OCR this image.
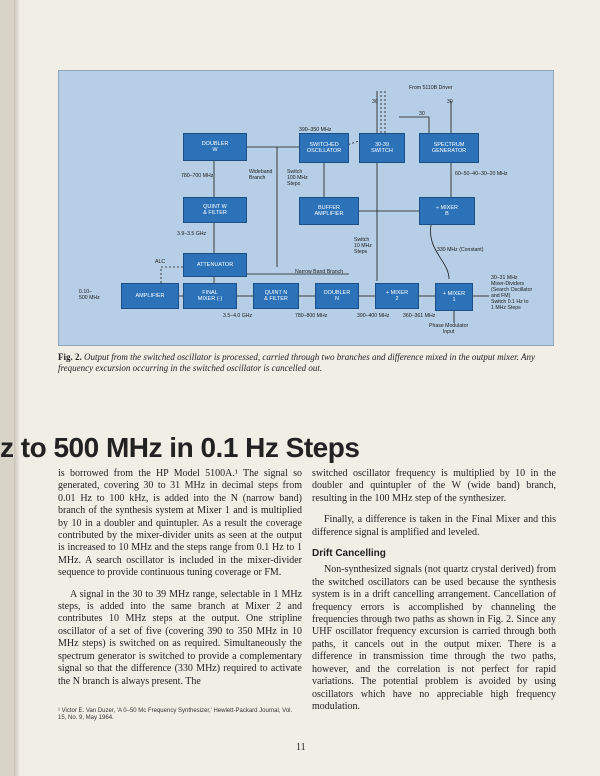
From 5110B Driver
30	30
30
390–350 MHz
DOUBLER
W
SWITCHED
OSCILLATOR
30-39
SWITCH
SPECTRUM
GENERATOR
780–700 MHz
Wideband
Branch
Switch
100 MHz
Steps
60–50–40–30–20 MHz
QUINT W
& FILTER
BUFFER
AMPLIFIER
÷ MIXER
B
3.9–3.5 GHz
Switch
10 MHz
Steps	330 MHz (Constant)
ATTENUATOR
ALC
Narrow Band Branch
30–31 MHz
Mixer-Dividers
(Search Oscillator
and FM)
Switch 0.1 Hz to
1 MHz Steps
0.10–
500 MHz	AMPLIFIER
FINAL
MIXER (-)
QUINT N
& FILTER
DOUBLER
N
+ MIXER
2
+ MIXER
1
3.5–4.0 GHz	780–800 MHz	390–400 MHz	360–361 MHz
Phase Modulator
Input
Fig. 2. Output from the switched oscillator is processed, carried through two branches and difference mixed in the output mixer. Any frequency excursion occurring in the switched oscillator is cancelled out.
z to 500 MHz in 0.1 Hz Steps

is borrowed from the HP Model 5100A.¹ The signal so generated, covering 30 to 31 MHz in decimal steps from 0.01 Hz to 100 kHz, is added into the N (narrow band) branch of the synthesis system at Mixer 1 and is multiplied by 10 in a doubler and quintupler. As a result the coverage contributed by the mixer-divider units as seen at the output is increased to 10 MHz and the steps range from 0.1 Hz to 1 MHz. A search oscillator is included in the mixer-divider sequence to provide continuous tuning coverage or FM.

A signal in the 30 to 39 MHz range, selectable in 1 MHz steps, is added into the same branch at Mixer 2 and contributes 10 MHz steps at the output. One stripline oscillator of a set of five (covering 390 to 350 MHz in 10 MHz steps) is switched on as required. Simultaneously the spectrum generator is switched to provide a complementary signal so that the difference (330 MHz) required to activate the N branch is always present. The

¹ Victor E. Van Duzer, 'A 0–50 Mc Frequency Synthesizer,' Hewlett-Packard Journal, Vol. 15, No. 9, May 1964.

switched oscillator frequency is multiplied by 10 in the doubler and quintupler of the W (wide band) branch, resulting in the 100 MHz step of the synthesizer.

Finally, a difference is taken in the Final Mixer and this difference signal is amplified and leveled.

Drift Cancelling

Non-synthesized signals (not quartz crystal derived) from the switched oscillators can be used because the synthesis system is in a drift cancelling arrangement. Cancellation of frequency errors is accomplished by channeling the frequencies through two paths as shown in Fig. 2. Since any UHF oscillator frequency excursion is carried through both paths, it cancels out in the output mixer. There is a difference in transmission time through the two paths, however, and the correlation is not perfect for rapid variations. The potential problem is avoided by using oscillators which have no appreciable high frequency modulation.

11
